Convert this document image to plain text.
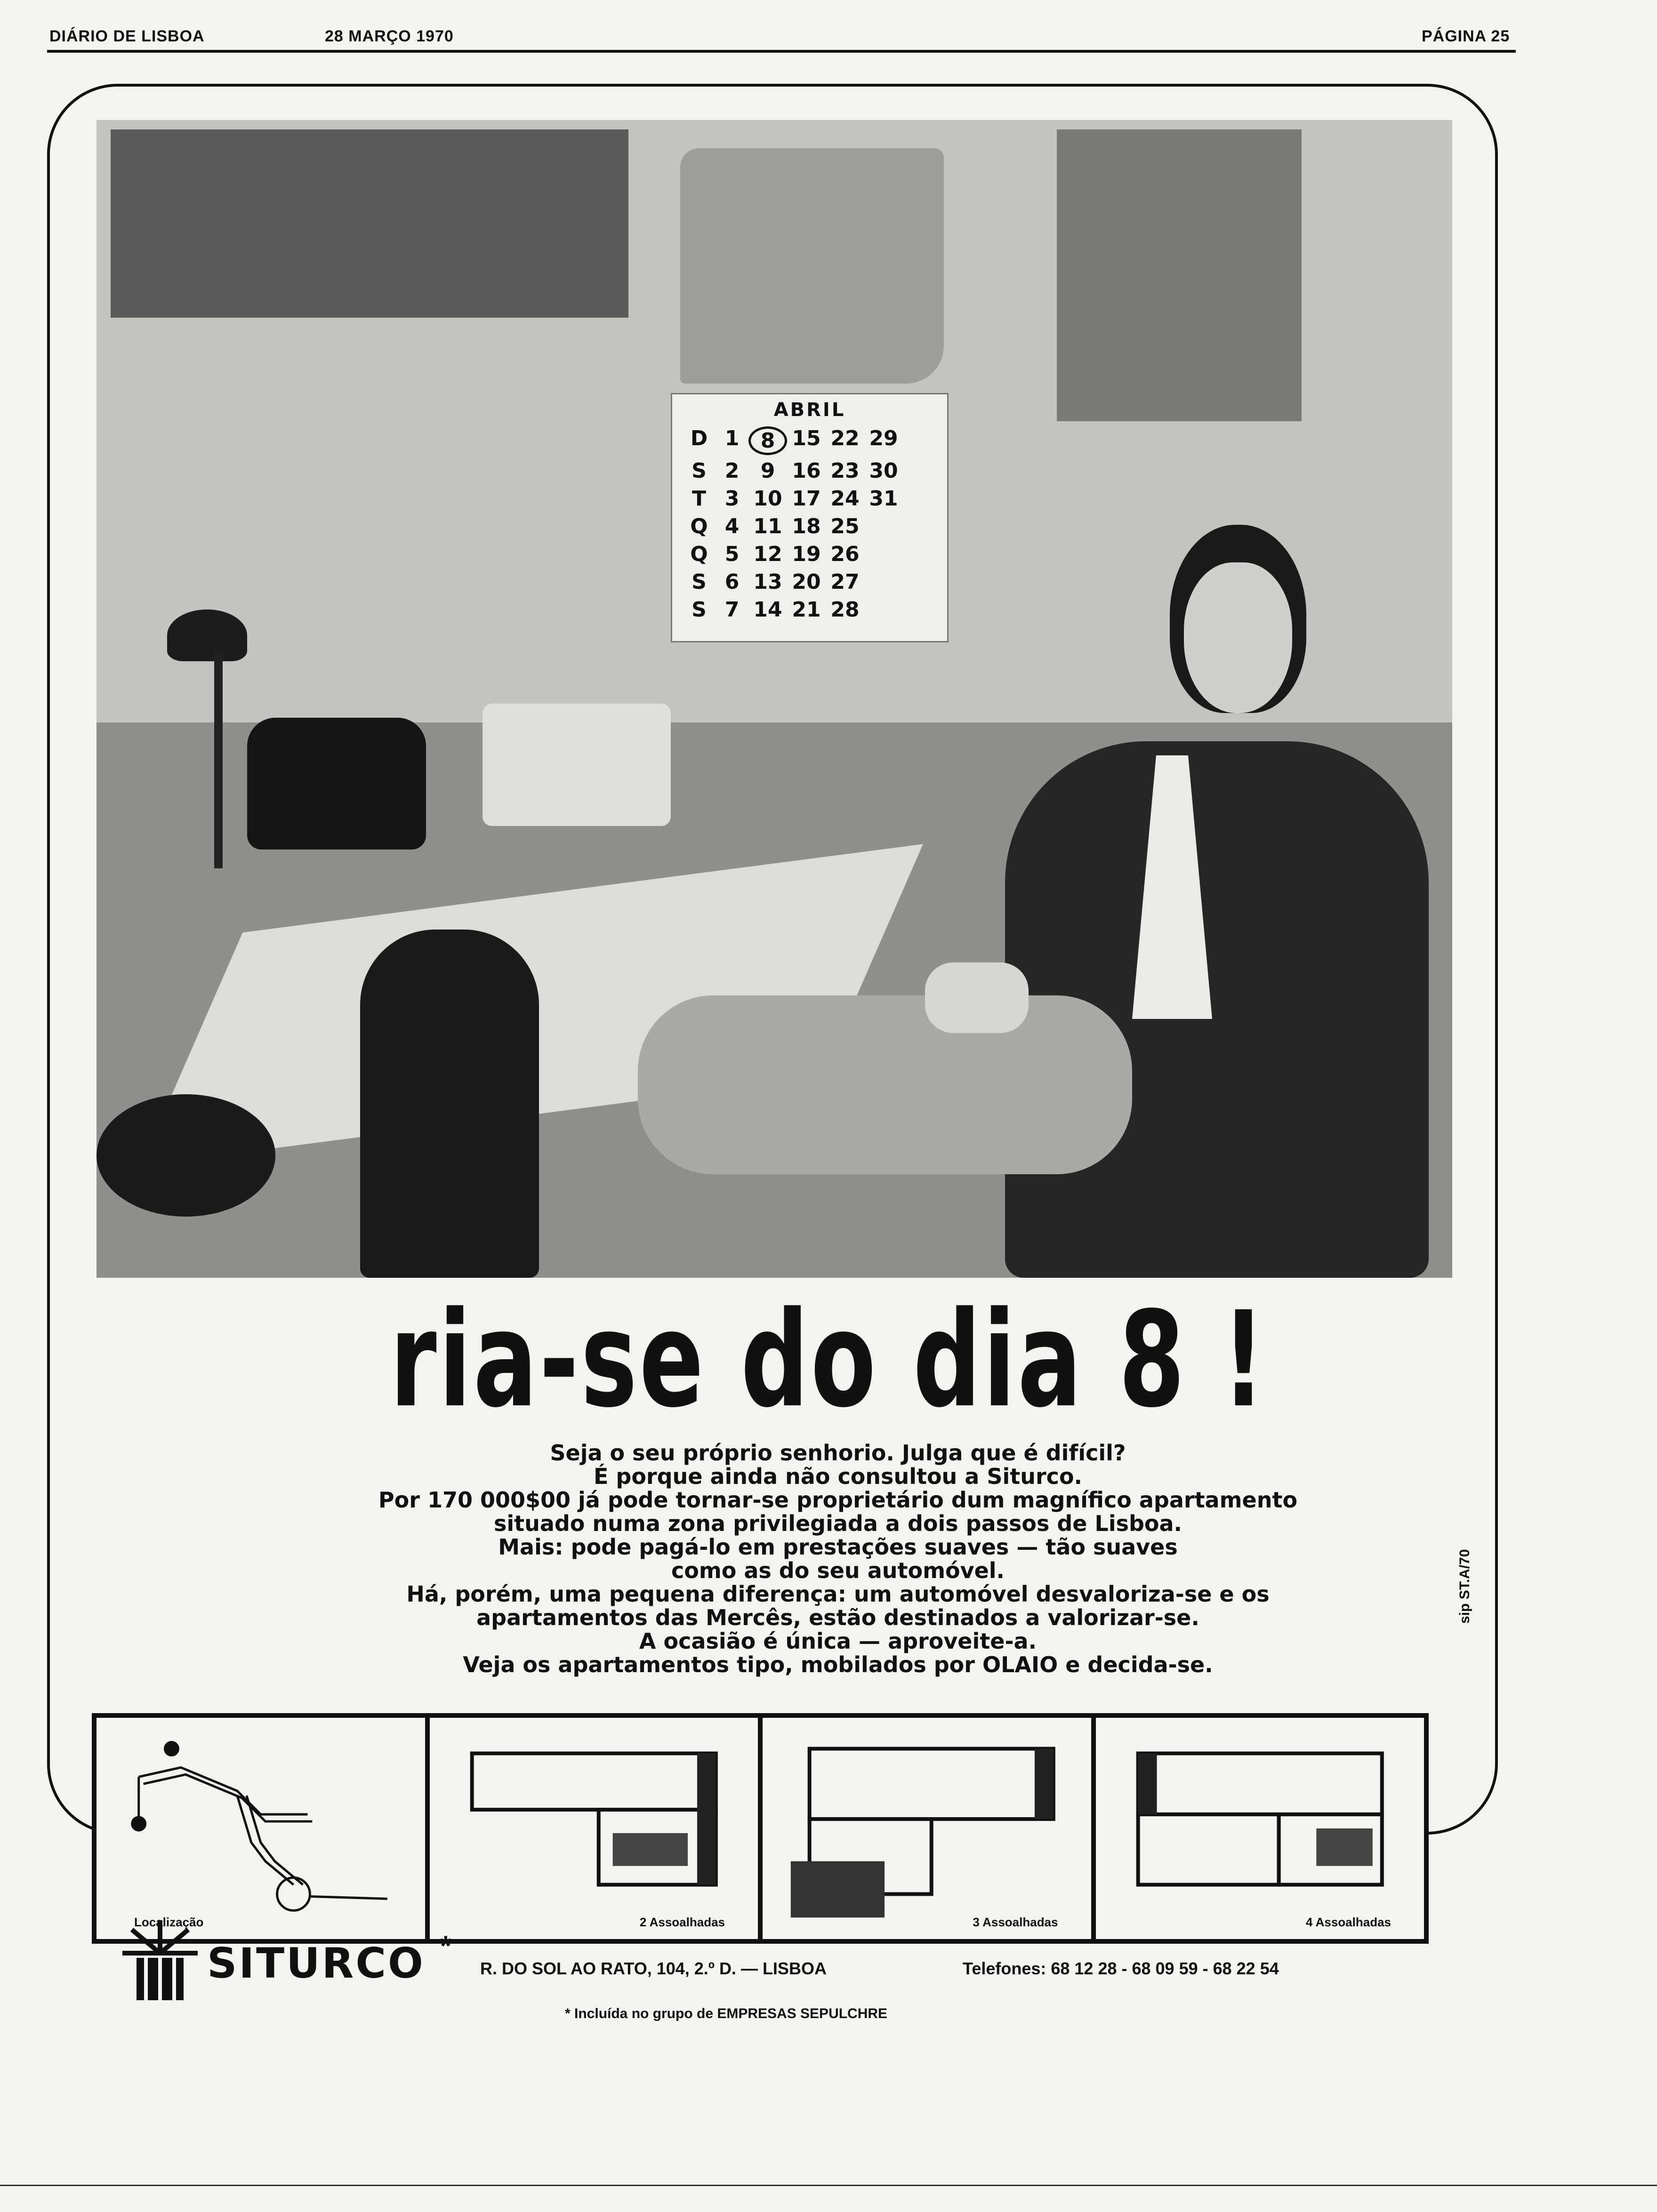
DIÁRIO DE LISBOA	28 MARÇO 1970	PÁGINA 25
ABRIL
D 1	8 15 22 29
S 2	9 16 23 30
T 3 10 17 24 31
Q 4 11 18 25
Q 5 12 19 26
S 6 13 20 27
S 7 14 21 28
ria-se do dia 8 !
Seja o seu próprio senhorio. Julga que é difícil?
É porque ainda não consultou a Siturco.
Por 170 000$00 já pode tornar-se proprietário dum magnífico apartamento
situado numa zona privilegiada a dois passos de Lisboa.
Mais: pode pagá-lo em prestações suaves — tão suaves
como as do seu automóvel.
Há, porém, uma pequena diferença: um automóvel desvaloriza-se e os
apartamentos das Mercês, estão destinados a valorizar-se.
A ocasião é única — aproveite-a.
Veja os apartamentos tipo, mobilados por OLAIO e decida-se.
sip ST.A/70
Localização	2 Assoalhadas	3 Assoalhadas	4 Assoalhadas
SITURCO *
R. DO SOL AO RATO, 104, 2.º D. — LISBOA	Telefones: 68 12 28 - 68 09 59 - 68 22 54
* Incluída no grupo de EMPRESAS SEPULCHRE
